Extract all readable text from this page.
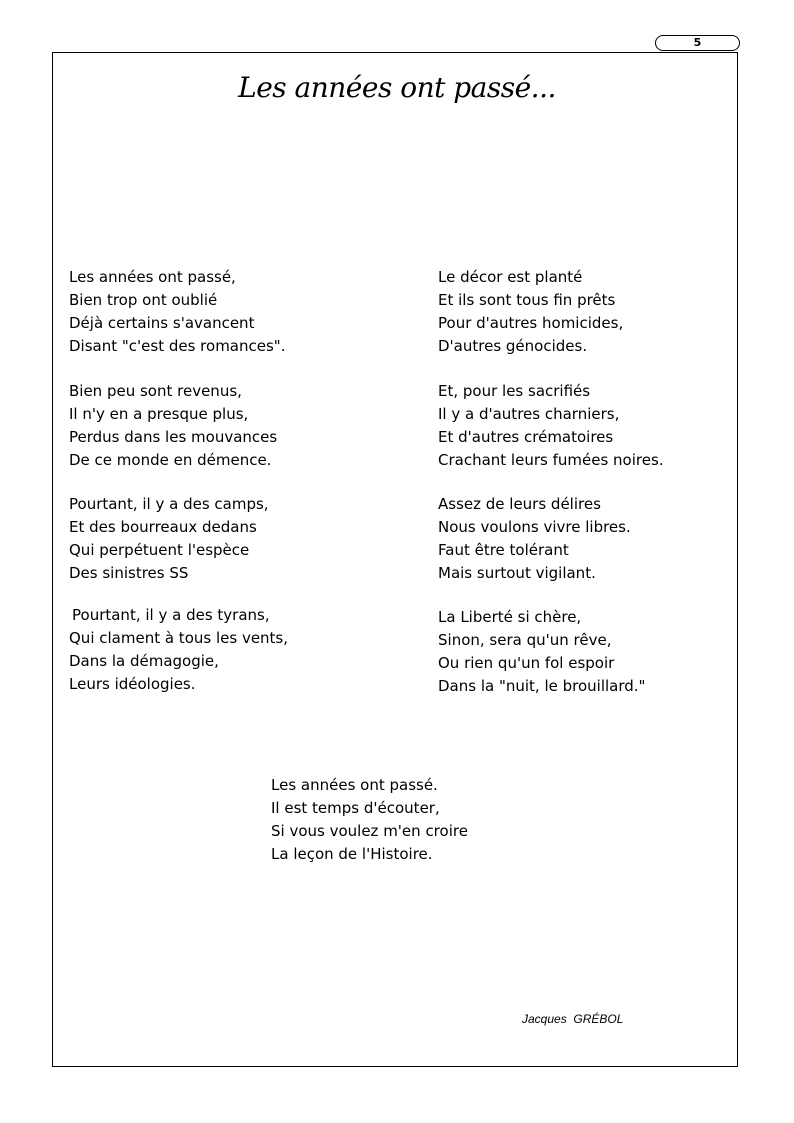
5
Les années ont passé...
Les années ont passé,
Bien trop ont oublié
Déjà certains s'avancent
Disant "c'est des romances".
Bien peu sont revenus,
Il n'y en a presque plus,
Perdus dans les mouvances
De ce monde en démence.
Pourtant, il y a des camps,
Et des bourreaux dedans
Qui perpétuent l'espèce
Des sinistres SS
Pourtant, il y a des tyrans,
Qui clament à tous les vents,
Dans la démagogie,
Leurs idéologies.
Le décor est planté
Et ils sont tous fin prêts
Pour d'autres homicides,
D'autres génocides.
Et, pour les sacrifiés
Il y a d'autres charniers,
Et d'autres crématoires
Crachant leurs fumées noires.
Assez de leurs délires
Nous voulons vivre libres.
Faut être tolérant
Mais surtout vigilant.
La Liberté si chère,
Sinon, sera qu'un rêve,
Ou rien qu'un fol espoir
Dans la "nuit, le brouillard."
Les années ont passé.
Il est temps d'écouter,
Si vous voulez m'en croire
La leçon de l'Histoire.
Jacques  GRÉBOL
